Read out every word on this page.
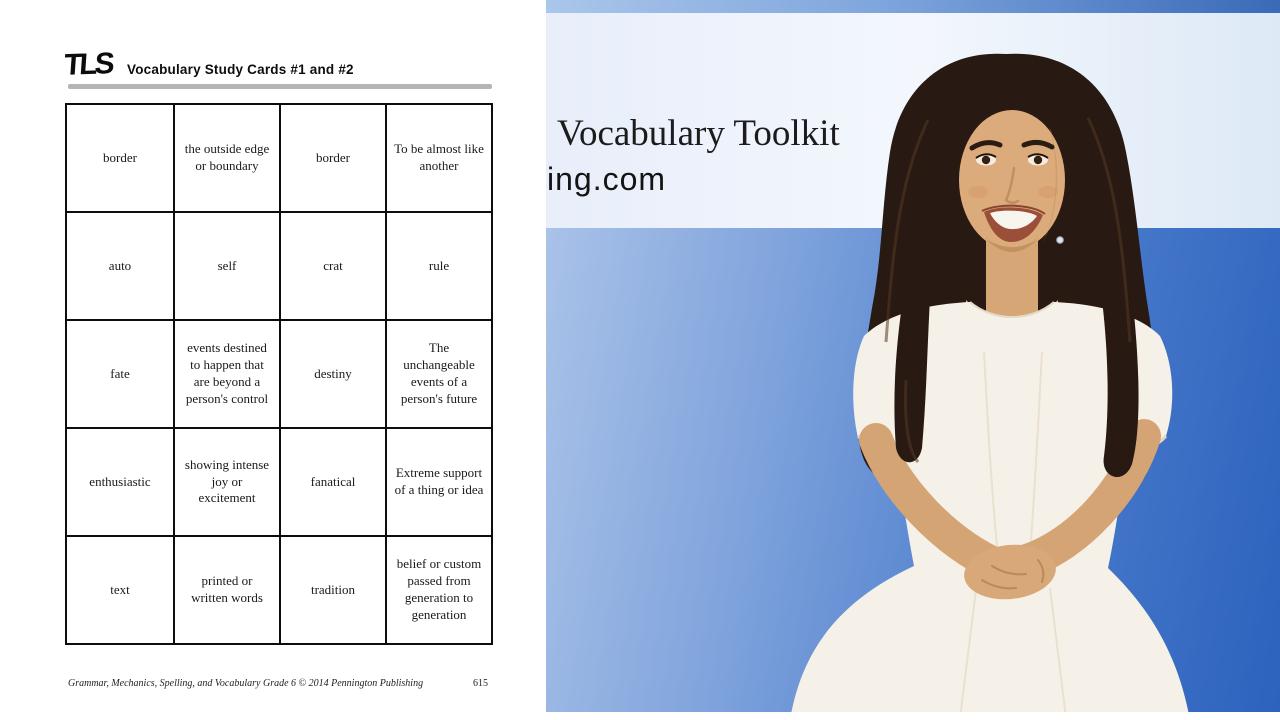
Vocabulary Toolkit
ing.com
TLS Vocabulary Study Cards #1 and #2
border	the outside edge or boundary	border	To be almost like another
auto	self	crat	rule
fate	events destined to happen that are beyond a person's control	destiny	The unchangeable events of a person's future
enthusiastic	showing intense joy or excitement	fanatical	Extreme support of a thing or idea
text	printed or written words	tradition	belief or custom passed from generation to generation
Grammar, Mechanics, Spelling, and Vocabulary Grade 6 © 2014 Pennington Publishing	615
